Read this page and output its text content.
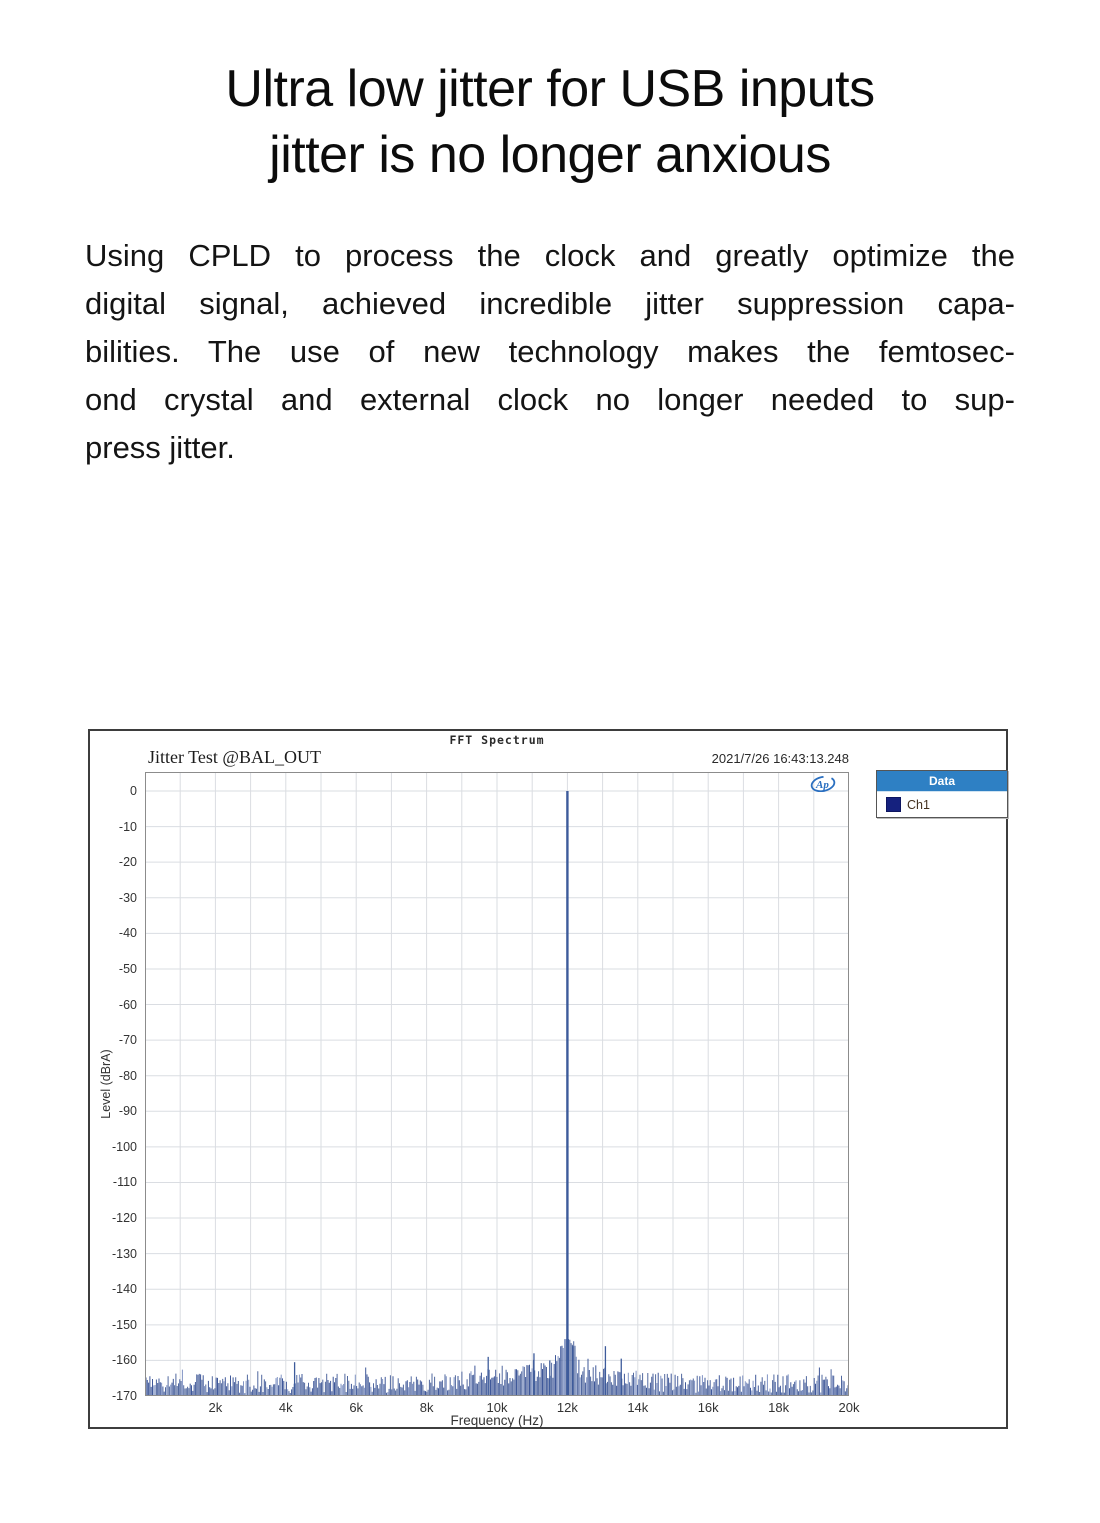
Ultra low jitter for USB inputs
jitter is no longer anxious
Using CPLD to process the clock and greatly optimize the
digital signal, achieved incredible jitter suppression capa-
bilities. The use of new technology makes the femtosec-
ond crystal and external clock no longer needed to sup-
press jitter.
FFT Spectrum
Jitter Test @BAL_OUT	2021/7/26 16:43:13.248
0
-10
-20
-30
-40
-50
-60
-70
-80
-90
-100
-110
-120
-130
-140
-150
-160
-170
2k	4k	6k	8k	10k	12k	14k	16k	18k	20k
Level (dBrA)
Frequency (Hz)
Ap	Data
Ch1
